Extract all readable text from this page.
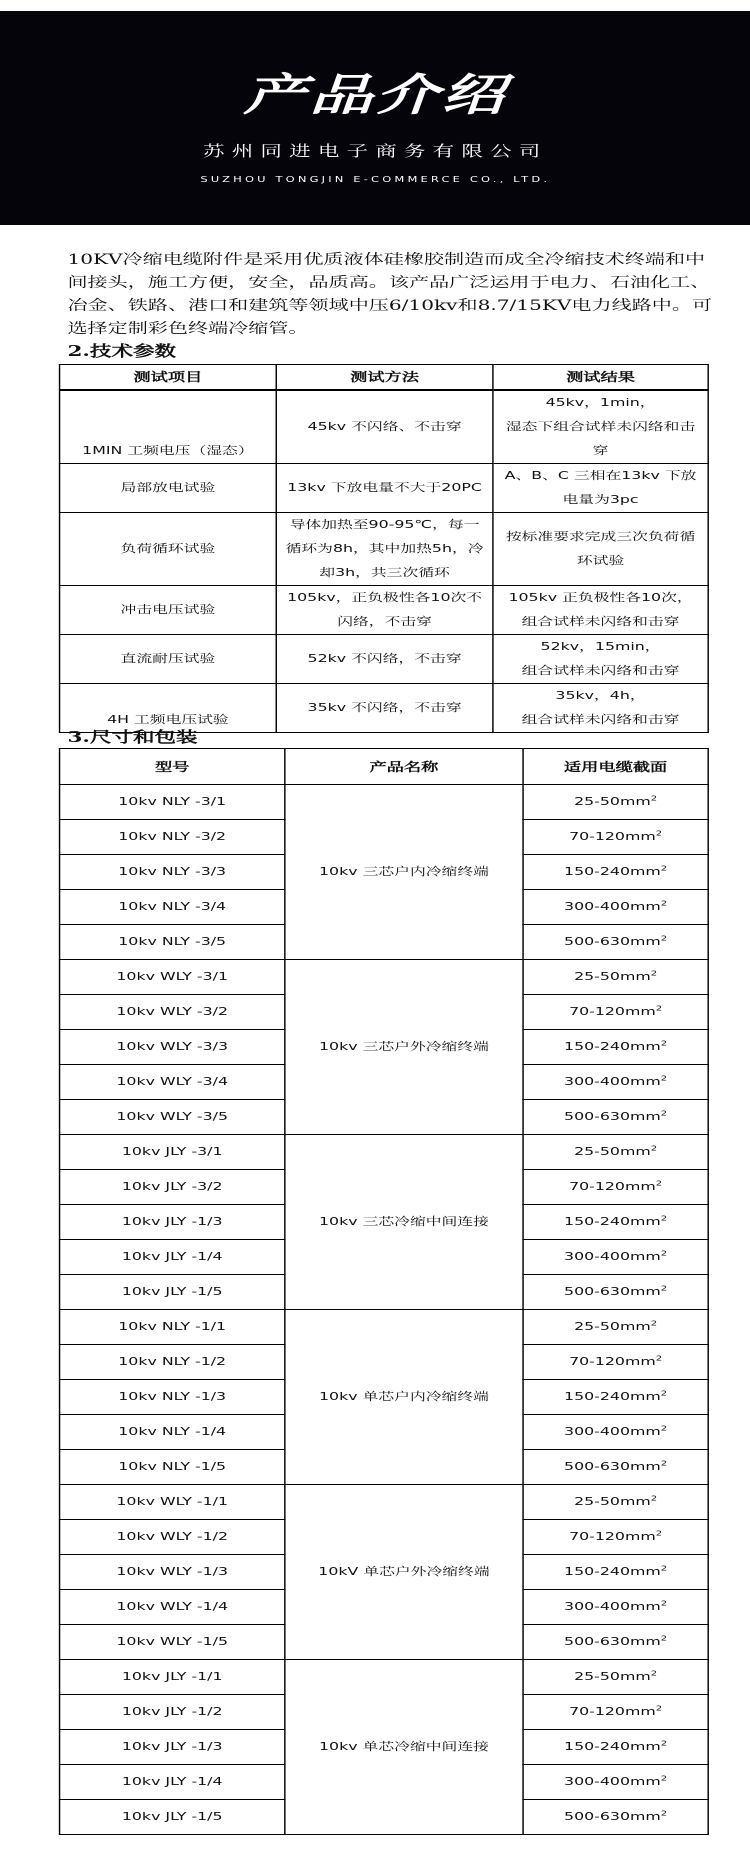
产品介绍
苏州同进电子商务有限公司
SUZHOU TONGJIN E-COMMERCE CO., LTD.
10KV冷缩电缆附件是采用优质液体硅橡胶制造而成全冷缩技术终端和中间接头，施工方便，安全，品质高。该产品广泛运用于电力、石油化工、冶金、铁路、港口和建筑等领域中压6/10kv和8.7/15KV电力线路中。可选择定制彩色终端冷缩管。
2.技术参数
测试项目	测试方法	测试结果
1MIN 工频电压（湿态）	45kv 不闪络、不击穿	45kv，1min，
湿态下组合试样未闪络和击穿
局部放电试验	13kv 下放电量不大于20PC	A、B、C 三相在13kv 下放电量为3pc
负荷循环试验	导体加热至90-95℃，每一循环为8h，其中加热5h，冷却3h，共三次循环	按标准要求完成三次负荷循环试验
冲击电压试验	105kv，正负极性各10次不闪络，不击穿	105kv 正负极性各10次，
组合试样未闪络和击穿
直流耐压试验	52kv 不闪络，不击穿	52kv，15min，
组合试样未闪络和击穿
4H 工频电压试验	35kv 不闪络，不击穿	35kv，4h，
组合试样未闪络和击穿
3.尺寸和包装
型号	产品名称	适用电缆截面
10kv NLY -3/1	10kv 三芯户内冷缩终端	$25-50mm^2$
10kv NLY -3/2		$70-120mm^2$
10kv NLY -3/3		$150-240mm^2$
10kv NLY -3/4		$300-400mm^2$
10kv NLY -3/5		$500-630mm^2$
10kv WLY -3/1	10kv 三芯户外冷缩终端	$25-50mm^2$
10kv WLY -3/2		$70-120mm^2$
10kv WLY -3/3		$150-240mm^2$
10kv WLY -3/4		$300-400mm^2$
10kv WLY -3/5		$500-630mm^2$
10kv JLY -3/1	10kv 三芯冷缩中间连接	$25-50mm^2$
10kv JLY -3/2		$70-120mm^2$
10kv JLY -1/3		$150-240mm^2$
10kv JLY -1/4		$300-400mm^2$
10kv JLY -1/5		$500-630mm^2$
10kv NLY -1/1	10kv 单芯户内冷缩终端	$25-50mm^2$
10kv NLY -1/2		$70-120mm^2$
10kv NLY -1/3		$150-240mm^2$
10kv NLY -1/4		$300-400mm^2$
10kv NLY -1/5		$500-630mm^2$
10kv WLY -1/1	10kV 单芯户外冷缩终端	$25-50mm^2$
10kv WLY -1/2		$70-120mm^2$
10kv WLY -1/3		$150-240mm^2$
10kv WLY -1/4		$300-400mm^2$
10kv WLY -1/5		$500-630mm^2$
10kv JLY -1/1	10kv 单芯冷缩中间连接	$25-50mm^2$
10kv JLY -1/2		$70-120mm^2$
10kv JLY -1/3		$150-240mm^2$
10kv JLY -1/4		$300-400mm^2$
10kv JLY -1/5		$500-630mm^2$
